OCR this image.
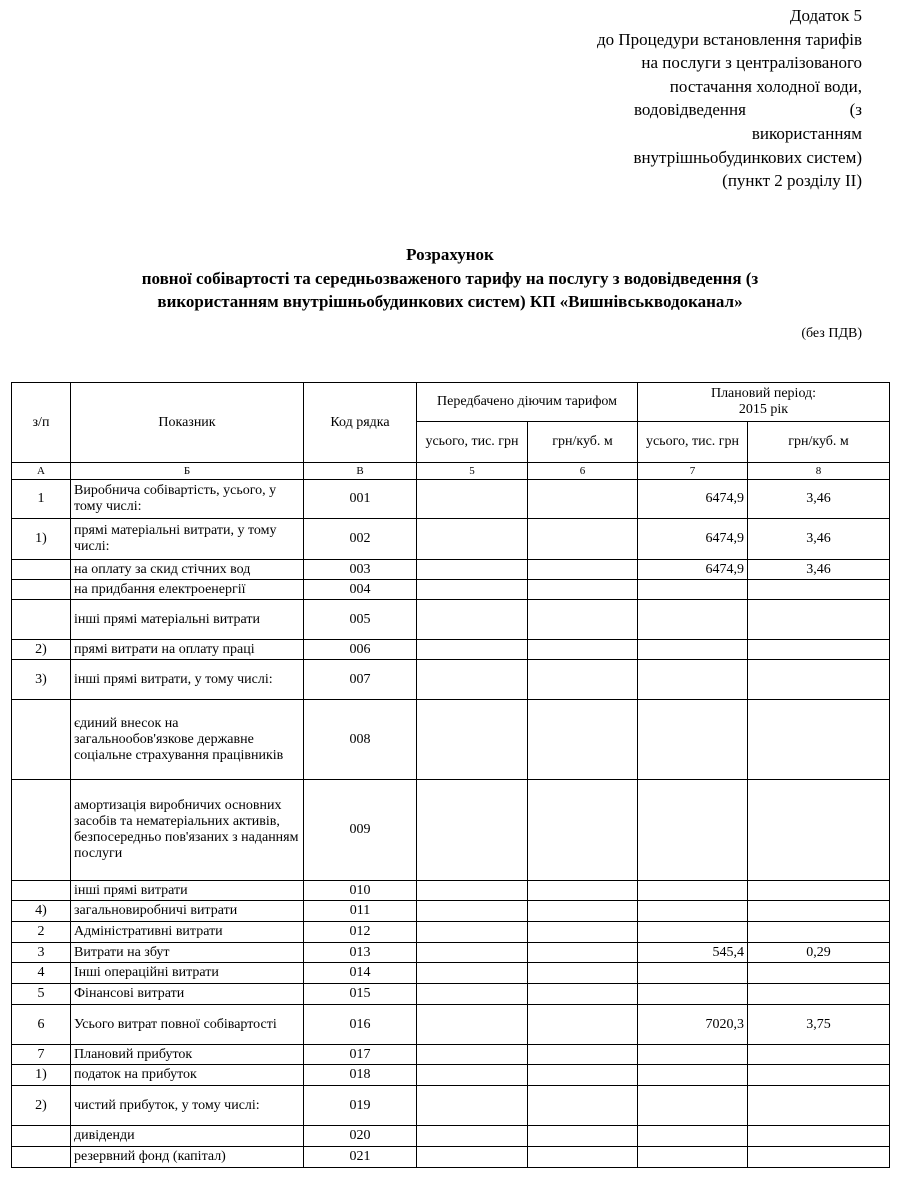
Додаток 5
до Процедури встановлення тарифів
на послуги з централізованого
постачання холодної води,
водовідведення	(з
використанням
внутрішньобудинкових систем)
(пункт 2 розділу ІІ)
Розрахунок
повної собівартості та середньозваженого тарифу на послугу з водовідведення (з
використанням внутрішньобудинкових систем) КП «Вишнівськводоканал»
(без ПДВ)
з/п	Показник	Код рядка	Передбачено діючим тарифом		Плановий період:
2015 рік	

			усього, тис. грн	грн/куб. м	усього, тис. грн	грн/куб. м
А	Б	В	5	6	7	8
1	Виробнича собівартість, усього, у тому числі:	001			6474,9	3,46
1)	прямі матеріальні витрати, у тому числі:	002			6474,9	3,46
	на оплату за скид стічних вод	003			6474,9	3,46
	на придбання електроенергії	004				
	інші прямі матеріальні витрати	005				
2)	прямі витрати на оплату праці	006				
3)	інші прямі витрати, у тому числі:	007				
	єдиний внесок на загальнообов'язкове державне соціальне страхування працівників	008				
	амортизація виробничих основних засобів та нематеріальних активів, безпосередньо пов'язаних з наданням послуги	009				
	інші прямі витрати	010				
4)	загальновиробничі витрати	011				
2	Адміністративні витрати	012				
3	Витрати на збут	013			545,4	0,29
4	Інші операційні витрати	014				
5	Фінансові витрати	015				
6	Усього витрат повної собівартості	016			7020,3	3,75
7	Плановий прибуток	017				
1)	податок на прибуток	018				
2)	чистий прибуток, у тому числі:	019				
	дивіденди	020				
	резервний фонд (капітал)	021				
